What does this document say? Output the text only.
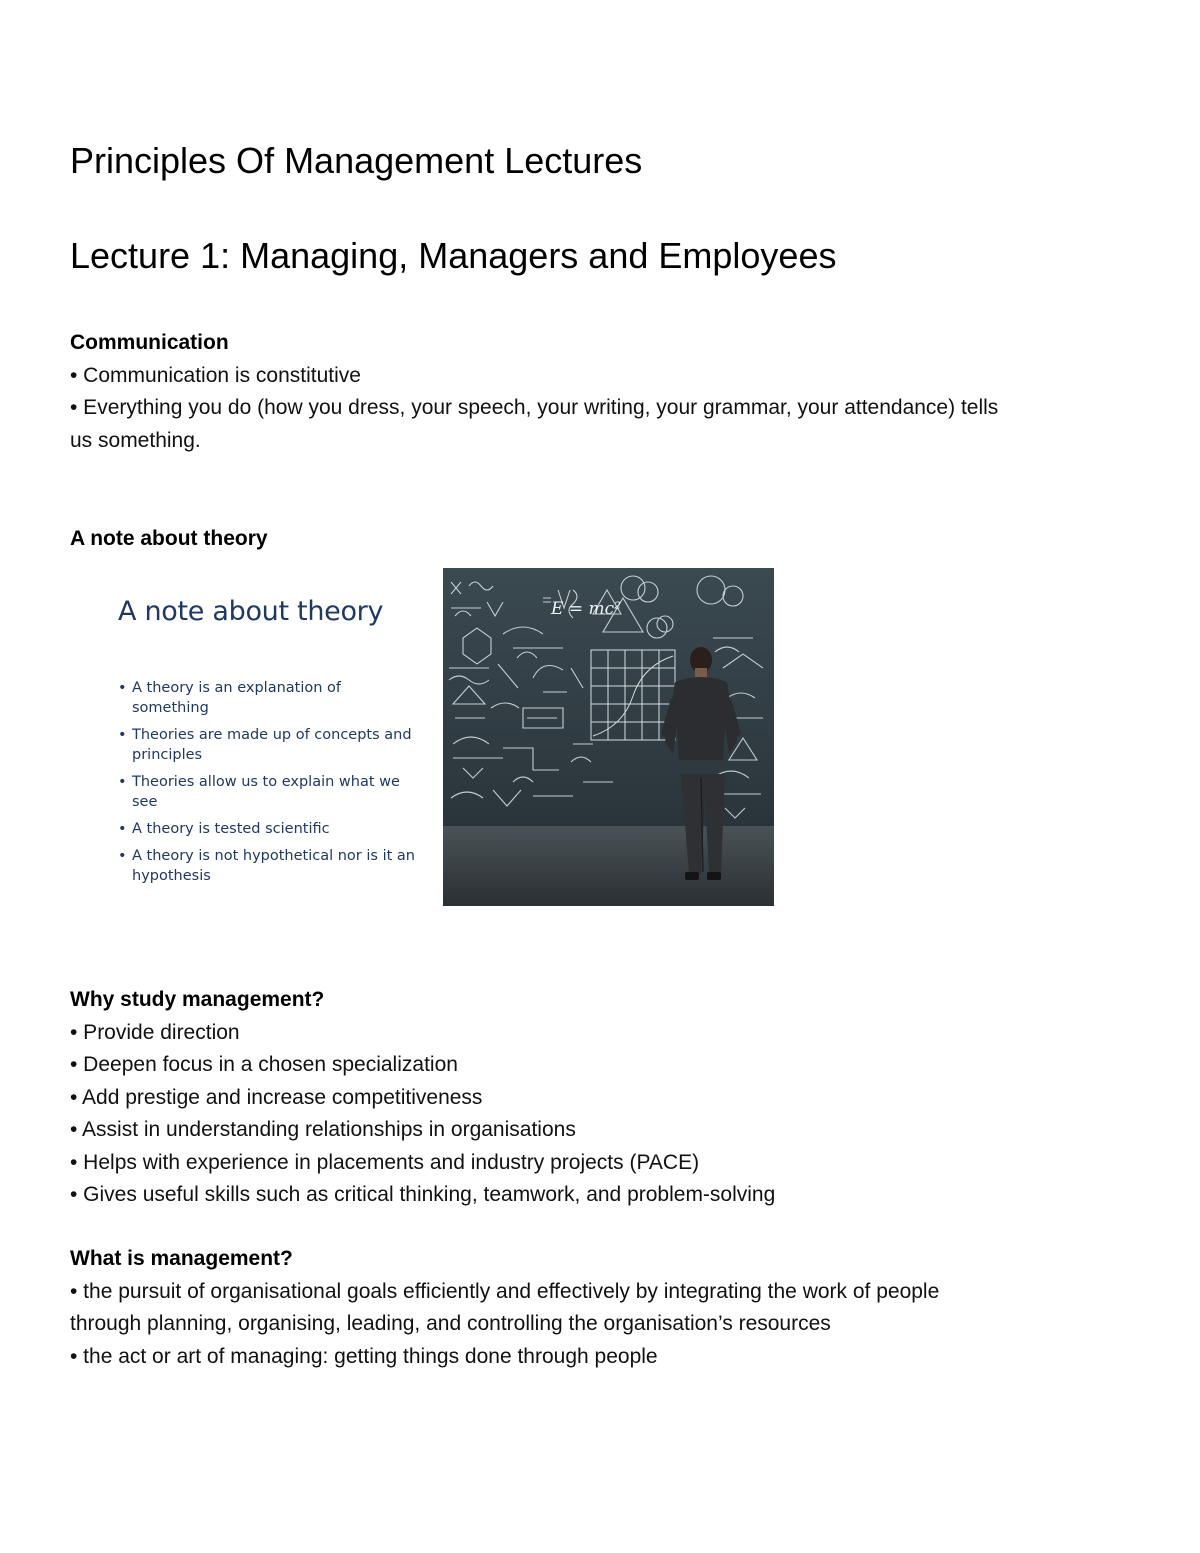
Principles Of Management Lectures
Lecture 1: Managing, Managers and Employees

Communication

• Communication is constitutive

• Everything you do (how you dress, your speech, your writing, your grammar, your attendance) tells

us something.

A note about theory

A note about theory
• A theory is an explanation of something
• Theories are made up of concepts and principles
• Theories allow us to explain what we see
• A theory is tested scientific
• A theory is not hypothetical nor is it an hypothesis
E = mc²

Why study management?

• Provide direction

• Deepen focus in a chosen specialization

• Add prestige and increase competitiveness

• Assist in understanding relationships in organisations

• Helps with experience in placements and industry projects (PACE)

• Gives useful skills such as critical thinking, teamwork, and problem-solving

What is management?

• the pursuit of organisational goals efficiently and effectively by integrating the work of people

through planning, organising, leading, and controlling the organisation’s resources

• the act or art of managing: getting things done through people
